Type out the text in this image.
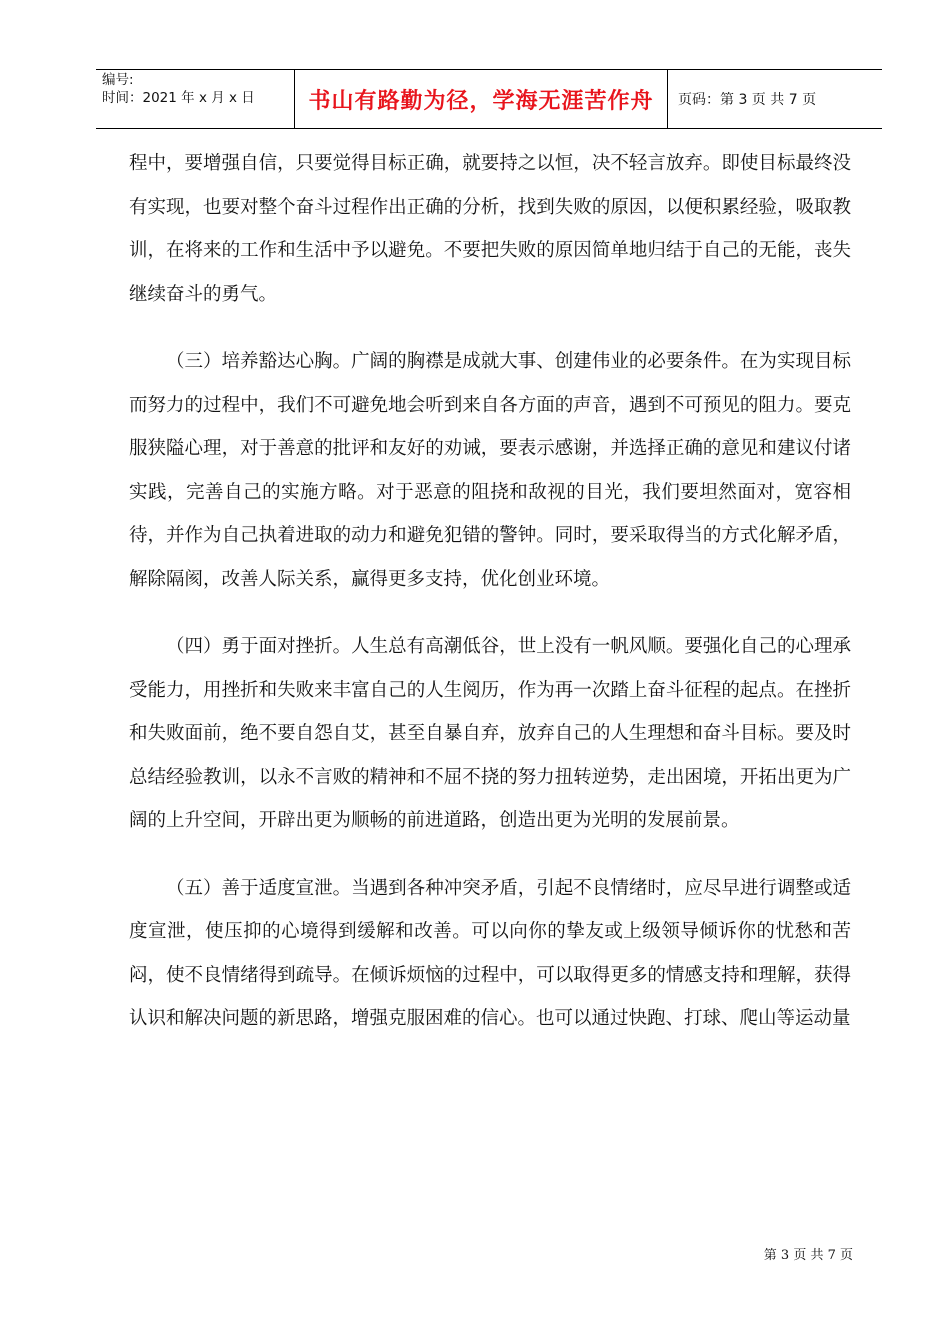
编号:
时间：2021 年 x 月 x 日	书山有路勤为径，学海无涯苦作舟	页码：第 3 页 共 7 页

程中，要增强自信，只要觉得目标正确，就要持之以恒，决不轻言放弃。即使目标最终没有实现，也要对整个奋斗过程作出正确的分析，找到失败的原因，以便积累经验，吸取教训，在将来的工作和生活中予以避免。不要把失败的原因简单地归结于自己的无能，丧失继续奋斗的勇气。

（三）培养豁达心胸。广阔的胸襟是成就大事、创建伟业的必要条件。在为实现目标而努力的过程中，我们不可避免地会听到来自各方面的声音，遇到不可预见的阻力。要克服狭隘心理，对于善意的批评和友好的劝诫，要表示感谢，并选择正确的意见和建议付诸实践，完善自己的实施方略。对于恶意的阻挠和敌视的目光，我们要坦然面对，宽容相待，并作为自己执着进取的动力和避免犯错的警钟。同时，要采取得当的方式化解矛盾，解除隔阂，改善人际关系，赢得更多支持，优化创业环境。

（四）勇于面对挫折。人生总有高潮低谷，世上没有一帆风顺。要强化自己的心理承受能力，用挫折和失败来丰富自己的人生阅历，作为再一次踏上奋斗征程的起点。在挫折和失败面前，绝不要自怨自艾，甚至自暴自弃，放弃自己的人生理想和奋斗目标。要及时总结经验教训，以永不言败的精神和不屈不挠的努力扭转逆势，走出困境，开拓出更为广阔的上升空间，开辟出更为顺畅的前进道路，创造出更为光明的发展前景。

（五）善于适度宣泄。当遇到各种冲突矛盾，引起不良情绪时，应尽早进行调整或适度宣泄，使压抑的心境得到缓解和改善。可以向你的挚友或上级领导倾诉你的忧愁和苦闷，使不良情绪得到疏导。在倾诉烦恼的过程中，可以取得更多的情感支持和理解，获得认识和解决问题的新思路，增强克服困难的信心。也可以通过快跑、打球、爬山等运动量

第 3 页 共 7 页
